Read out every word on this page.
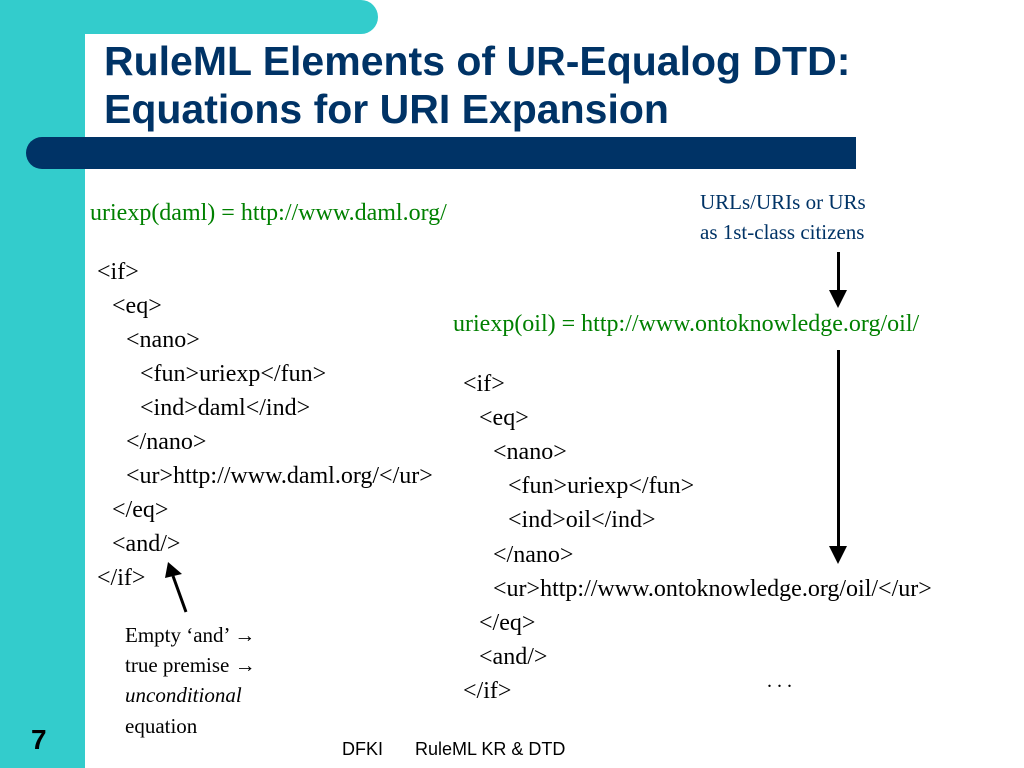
RuleML Elements of UR-Equalog DTD:
Equations for URI Expansion
uriexp(daml) = http://www.daml.org/
uriexp(oil) = http://www.ontoknowledge.org/oil/
URLs/URIs or URs
as 1st-class citizens
<if>
<eq>
<nano>
<fun>uriexp</fun>
<ind>daml</ind>
</nano>
<ur>http://www.daml.org/</ur>
</eq>
<and/>
</if>
<if>
<eq>
<nano>
<fun>uriexp</fun>
<ind>oil</ind>
</nano>
<ur>http://www.ontoknowledge.org/oil/</ur>
</eq>
<and/>
</if>
Empty ‘and’ →
true premise →
unconditional
equation
. . .
7	DFKI RuleML KR & DTD
